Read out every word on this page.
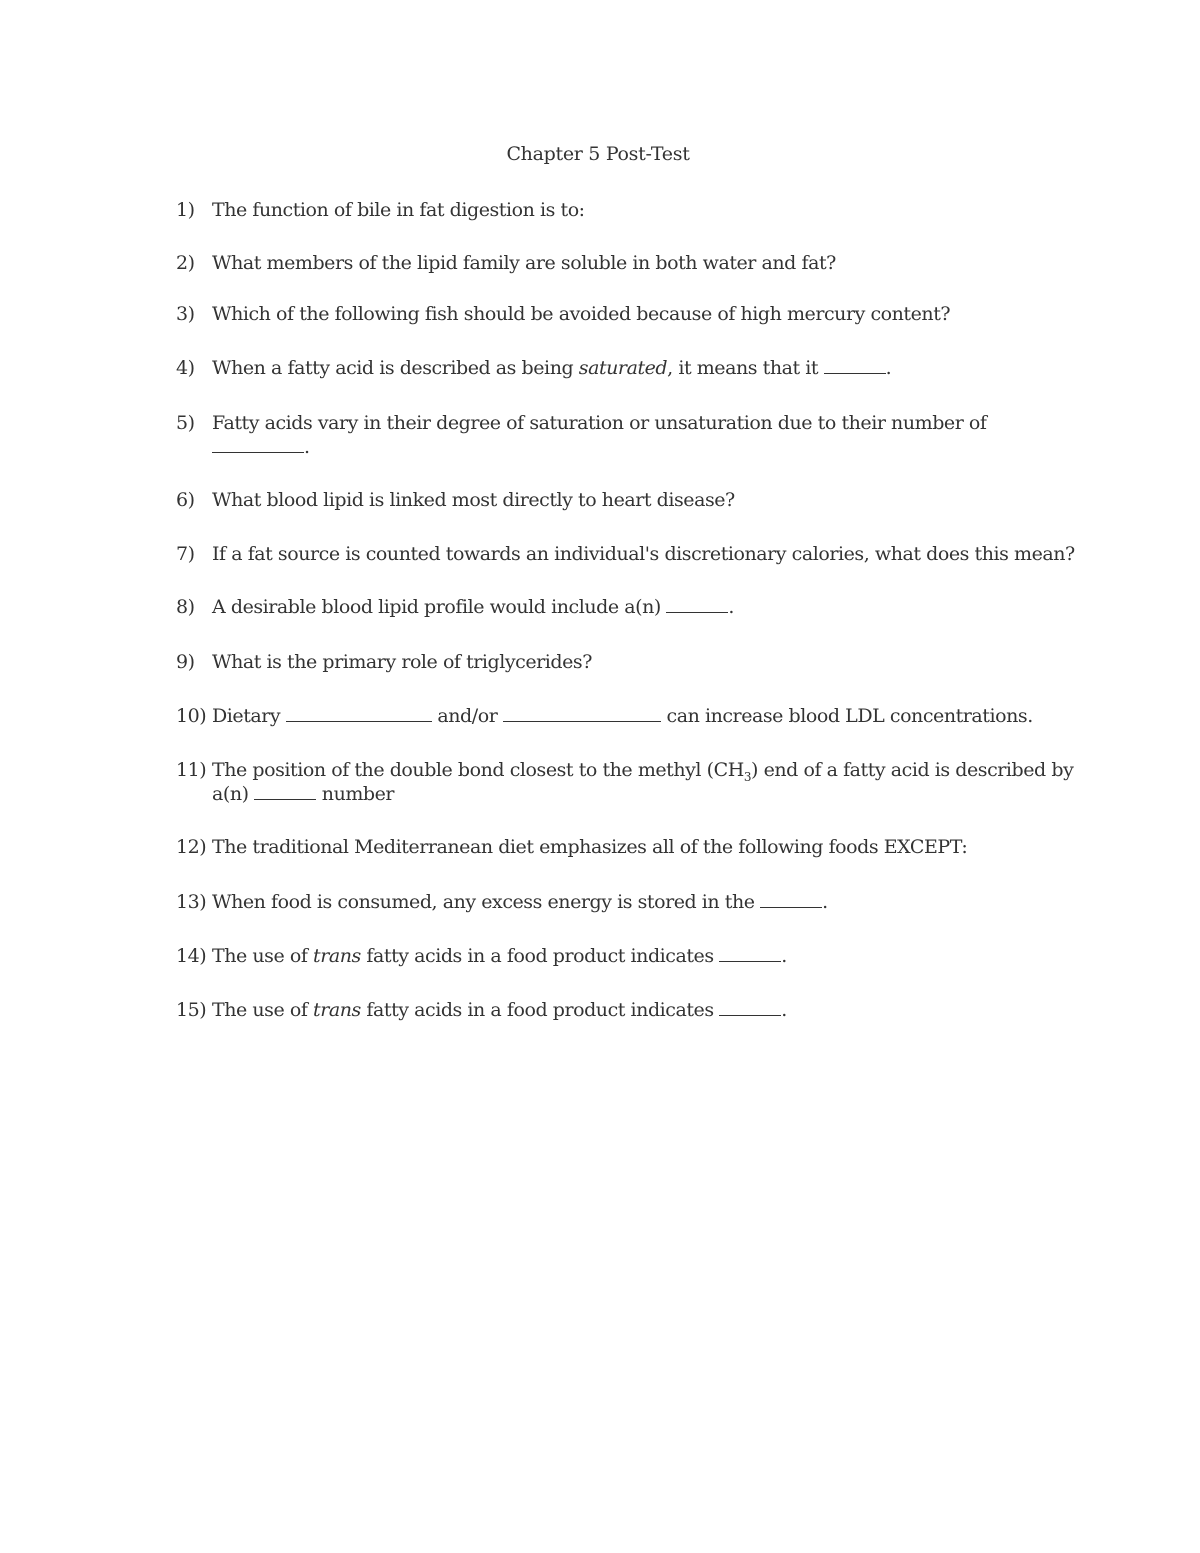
Chapter 5 Post-Test
1) The function of bile in fat digestion is to:
2) What members of the lipid family are soluble in both water and fat?
3) Which of the following fish should be avoided because of high mercury content?
4) When a fatty acid is described as being saturated, it means that it	.
5) Fatty acids vary in their degree of saturation or unsaturation due to their number of
.
6) What blood lipid is linked most directly to heart disease?
7) If a fat source is counted towards an individual's discretionary calories, what does this mean?
8) A desirable blood lipid profile would include a(n)	.
9) What is the primary role of triglycerides?
10) Dietary	and/or	can increase blood LDL concentrations.
11) The position of the double bond closest to the methyl $(CH_3)$ end of a fatty acid is described by
a(n)	number
12) The traditional Mediterranean diet emphasizes all of the following foods EXCEPT:
13) When food is consumed, any excess energy is stored in the	.
14) The use of trans fatty acids in a food product indicates	.
15) The use of trans fatty acids in a food product indicates	.
